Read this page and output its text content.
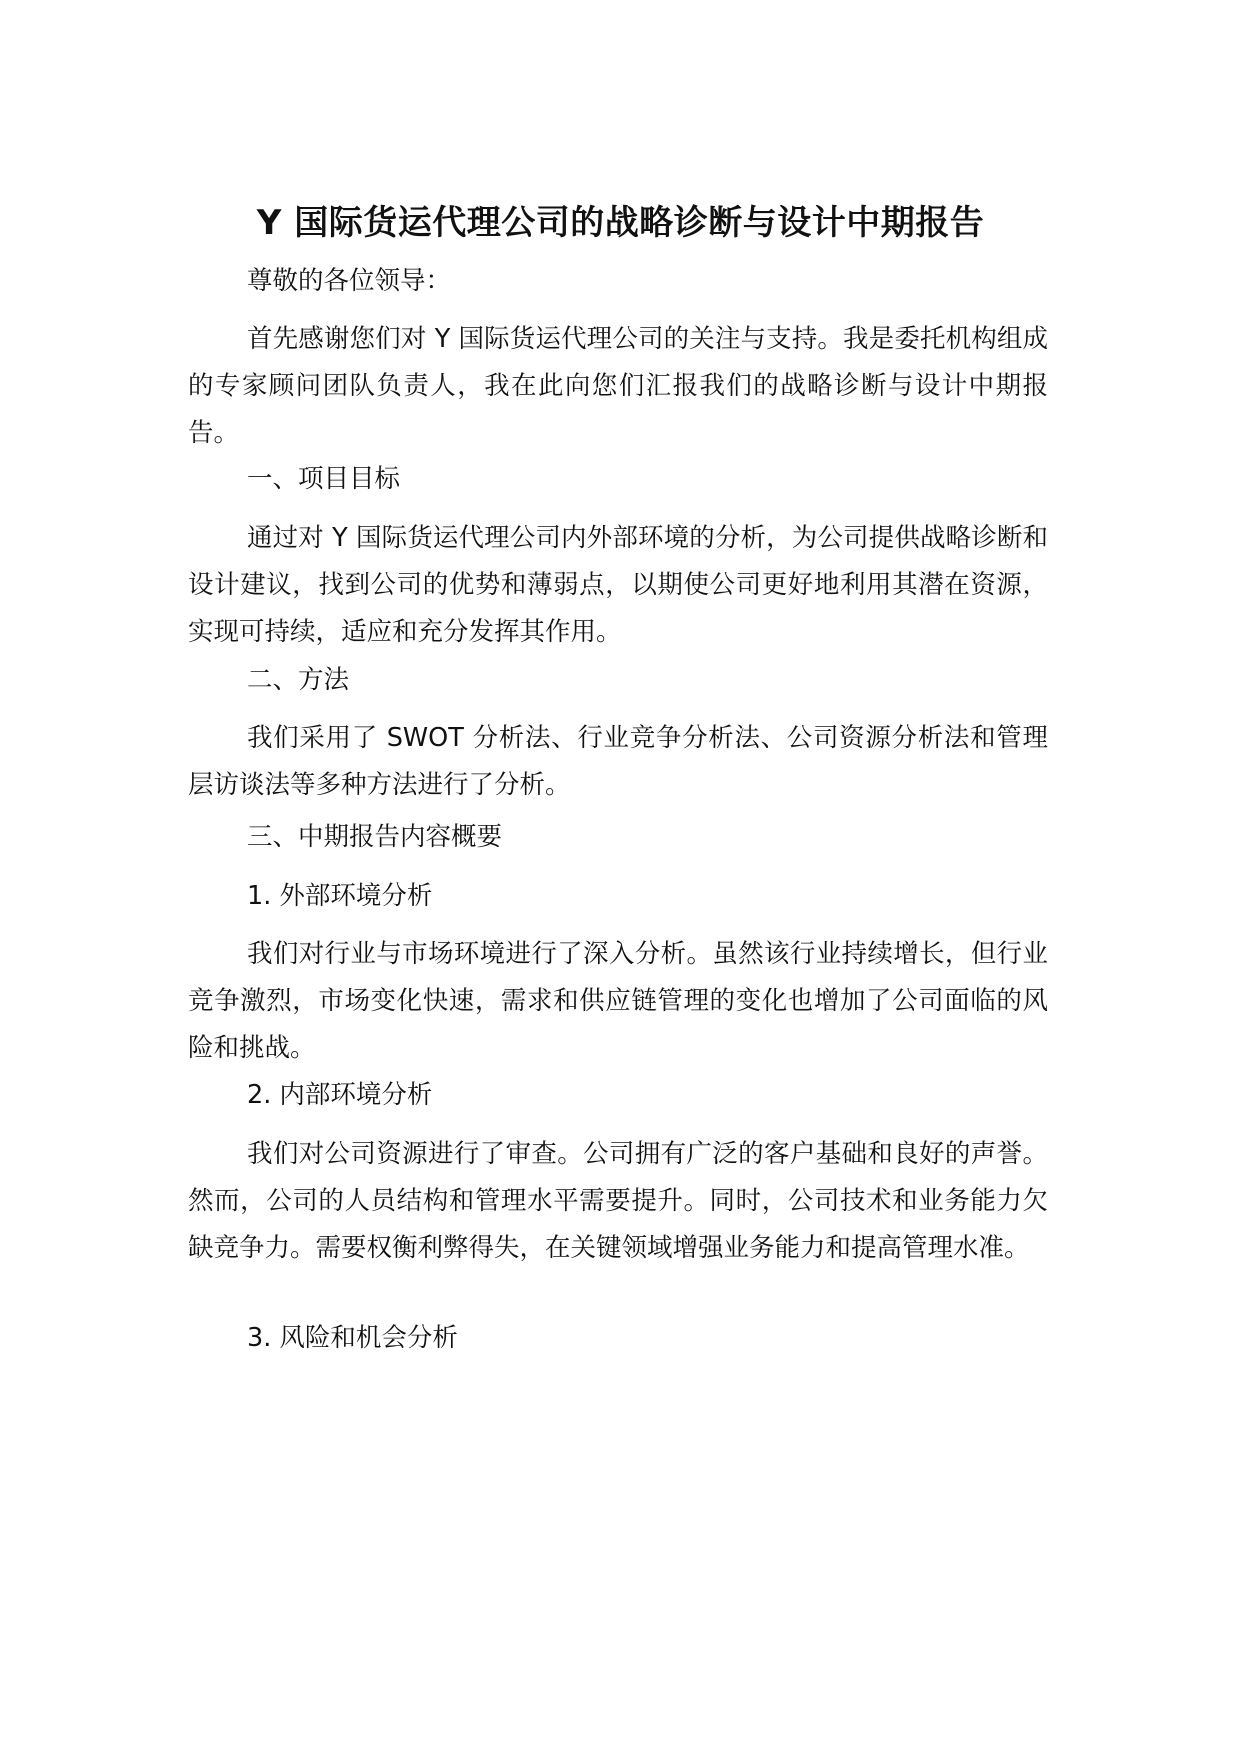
Y 国际货运代理公司的战略诊断与设计中期报告

尊敬的各位领导：

首先感谢您们对 Y 国际货运代理公司的关注与支持。我是委托机构组成的专家顾问团队负责人，我在此向您们汇报我们的战略诊断与设计中期报告。

一、项目目标

通过对 Y 国际货运代理公司内外部环境的分析，为公司提供战略诊断和设计建议，找到公司的优势和薄弱点，以期使公司更好地利用其潜在资源，实现可持续，适应和充分发挥其作用。

二、方法

我们采用了 SWOT 分析法、行业竞争分析法、公司资源分析法和管理层访谈法等多种方法进行了分析。

三、中期报告内容概要

1. 外部环境分析

我们对行业与市场环境进行了深入分析。虽然该行业持续增长，但行业竞争激烈，市场变化快速，需求和供应链管理的变化也增加了公司面临的风险和挑战。

2. 内部环境分析

我们对公司资源进行了审查。公司拥有广泛的客户基础和良好的声誉。然而，公司的人员结构和管理水平需要提升。同时，公司技术和业务能力欠缺竞争力。需要权衡利弊得失，在关键领域增强业务能力和提高管理水准。

3. 风险和机会分析
